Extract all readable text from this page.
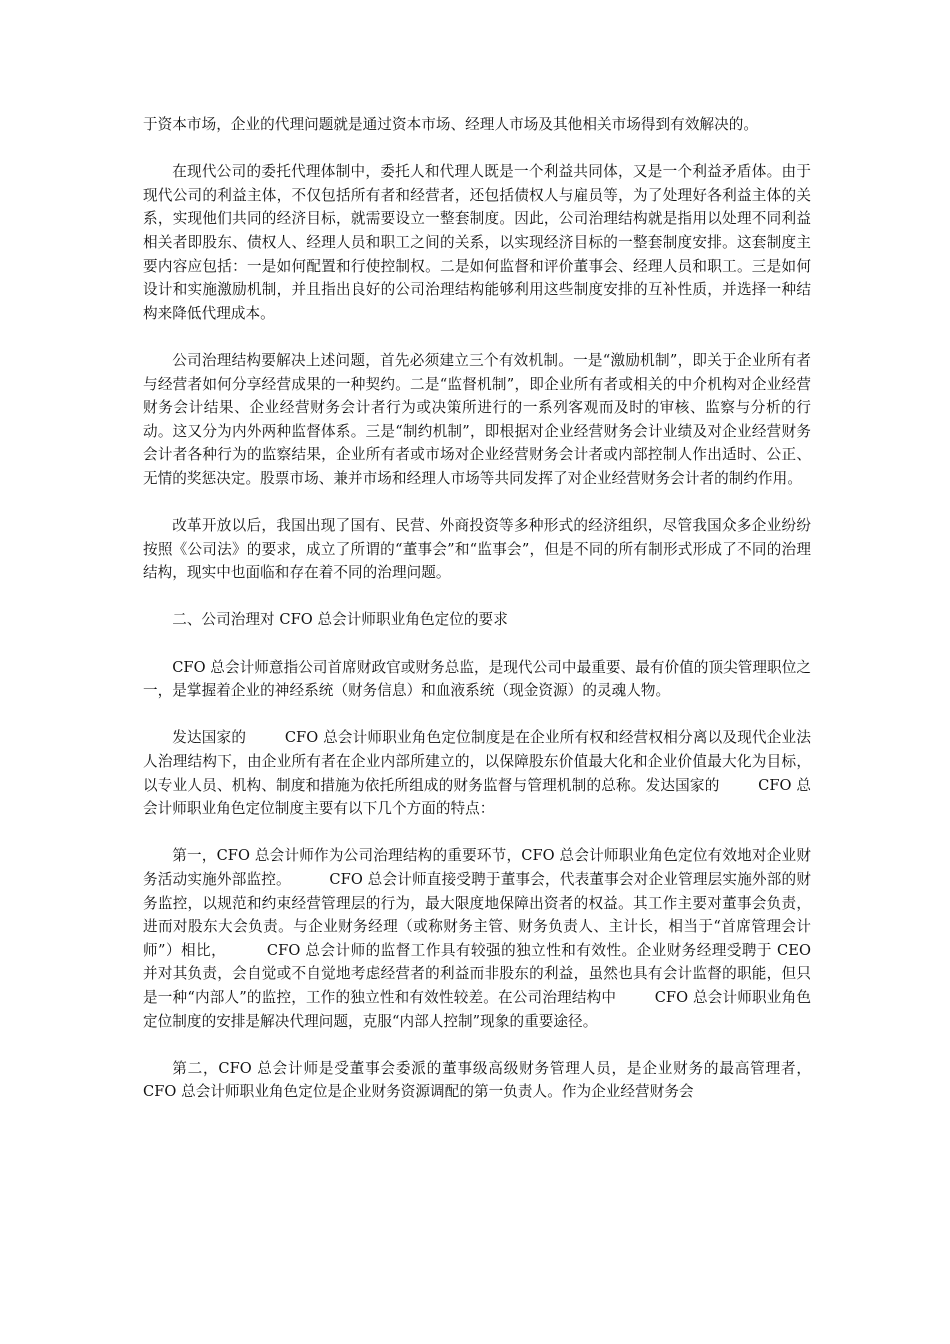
于资本市场，企业的代理问题就是通过资本市场、经理人市场及其他相关市场得到有效解决的。

在现代公司的委托代理体制中，委托人和代理人既是一个利益共同体，又是一个利益矛盾体。由于现代公司的利益主体，不仅包括所有者和经营者，还包括债权人与雇员等，为了处理好各利益主体的关系，实现他们共同的经济目标，就需要设立一整套制度。因此，公司治理结构就是指用以处理不同利益相关者即股东、债权人、经理人员和职工之间的关系，以实现经济目标的一整套制度安排。这套制度主要内容应包括：一是如何配置和行使控制权。二是如何监督和评价董事会、经理人员和职工。三是如何设计和实施激励机制，并且指出良好的公司治理结构能够利用这些制度安排的互补性质，并选择一种结构来降低代理成本。

公司治理结构要解决上述问题，首先必须建立三个有效机制。一是“激励机制”，即关于企业所有者与经营者如何分享经营成果的一种契约。二是“监督机制”，即企业所有者或相关的中介机构对企业经营财务会计结果、企业经营财务会计者行为或决策所进行的一系列客观而及时的审核、监察与分析的行动。这又分为内外两种监督体系。三是“制约机制”，即根据对企业经营财务会计业绩及对企业经营财务会计者各种行为的监察结果，企业所有者或市场对企业经营财务会计者或内部控制人作出适时、公正、无情的奖惩决定。股票市场、兼并市场和经理人市场等共同发挥了对企业经营财务会计者的制约作用。

改革开放以后，我国出现了国有、民营、外商投资等多种形式的经济组织，尽管我国众多企业纷纷按照《公司法》的要求，成立了所谓的“董事会”和“监事会”，但是不同的所有制形式形成了不同的治理结构，现实中也面临和存在着不同的治理问题。

二、公司治理对 CFO 总会计师职业角色定位的要求

CFO 总会计师意指公司首席财政官或财务总监，是现代公司中最重要、最有价值的顶尖管理职位之一，是掌握着企业的神经系统（财务信息）和血液系统（现金资源）的灵魂人物。

发达国家的        CFO 总会计师职业角色定位制度是在企业所有权和经营权相分离以及现代企业法人治理结构下，由企业所有者在企业内部所建立的，以保障股东价值最大化和企业价值最大化为目标，以专业人员、机构、制度和措施为依托所组成的财务监督与管理机制的总称。发达国家的        CFO 总会计师职业角色定位制度主要有以下几个方面的特点：

第一，CFO 总会计师作为公司治理结构的重要环节，CFO 总会计师职业角色定位有效地对企业财务活动实施外部监控。        CFO 总会计师直接受聘于董事会，代表董事会对企业管理层实施外部的财务监控，以规范和约束经营管理层的行为，最大限度地保障出资者的权益。其工作主要对董事会负责，进而对股东大会负责。与企业财务经理（或称财务主管、财务负责人、主计长，相当于“首席管理会计师”）相比，        CFO 总会计师的监督工作具有较强的独立性和有效性。企业财务经理受聘于 CEO 并对其负责，会自觉或不自觉地考虑经营者的利益而非股东的利益，虽然也具有会计监督的职能，但只是一种“内部人”的监控，工作的独立性和有效性较差。在公司治理结构中        CFO 总会计师职业角色定位制度的安排是解决代理问题，克服“内部人控制”现象的重要途径。

第二，CFO 总会计师是受董事会委派的董事级高级财务管理人员，是企业财务的最高管理者，CFO 总会计师职业角色定位是企业财务资源调配的第一负责人。作为企业经营财务会
